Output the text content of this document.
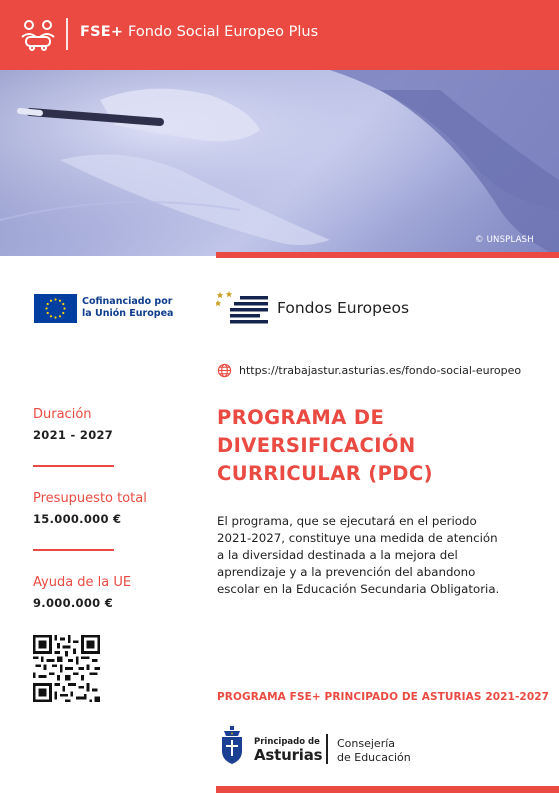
FSE+ Fondo Social Europeo Plus
© UNSPLASH
Cofinanciado por
la Unión Europea	Fondos Europeos
https://trabajastur.asturias.es/fondo-social-europeo
Duración
2021 - 2027
Presupuesto total
15.000.000 €
Ayuda de la UE
9.000.000 €
PROGRAMA DE
DIVERSIFICACIÓN
CURRICULAR (PDC)
El programa, que se ejecutará en el periodo
2021-2027, constituye una medida de atención
a la diversidad destinada a la mejora del
aprendizaje y a la prevención del abandono
escolar en la Educación Secundaria Obligatoria.
PROGRAMA FSE+ PRINCIPADO DE ASTURIAS 2021-2027
Principado de
Asturias
Consejería
de Educación
